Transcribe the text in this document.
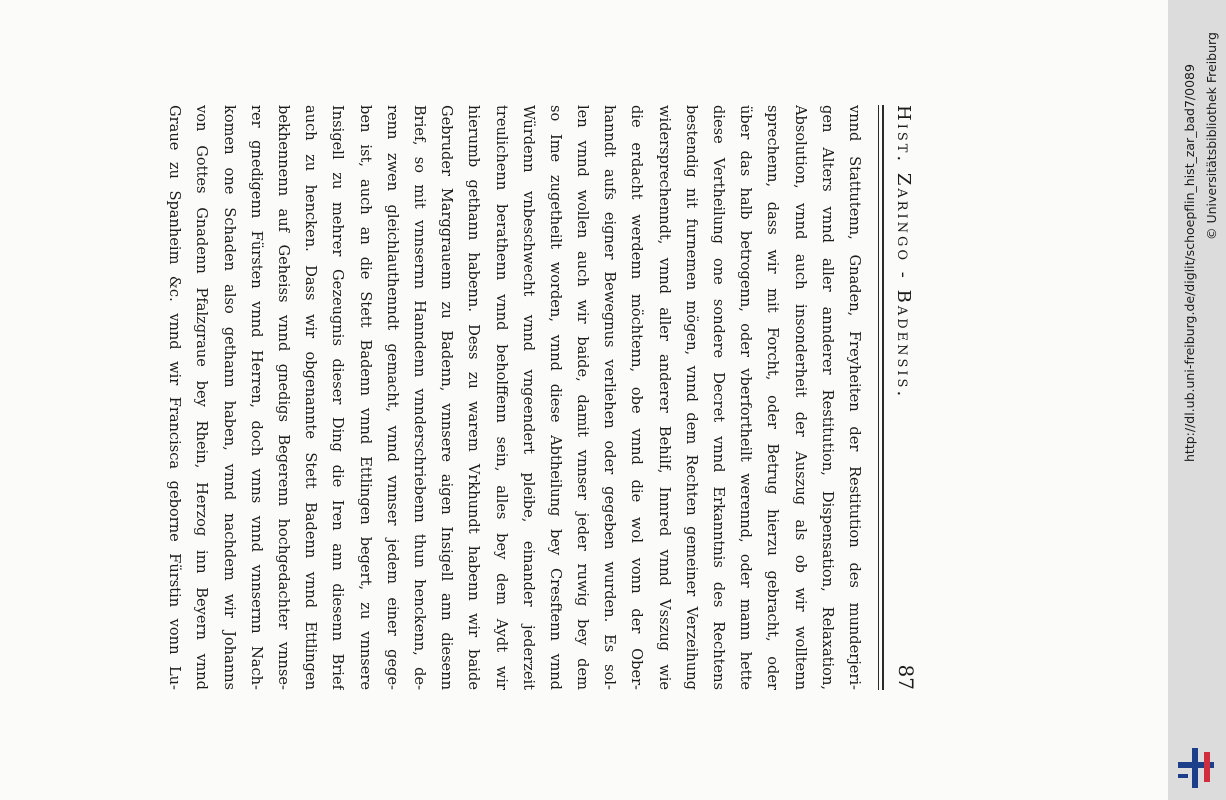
Hist. Zaringo - Badensis.
87
vnnd Stattutenn, Gnaden, Freyheiten der Restitution des munderjeri-
gen Alters vnnd aller annderer Restitution, Dispensation, Relaxation,
Absolution, vnnd auch insonderheit der Auszug als ob wir wolltenn
sprechenn, dass wir mit Forcht, oder Betrug hierzu gebracht, oder
über das halb betrogenn, oder vberfortheilt werennd, oder mann hette
diese Vertheilung one sondere Decret vnnd Erkanntnis des Rechtens
bestendig nit furnemen mögen, vnnd dem Rechten gemeiner Verzeihung
widersprechenndt, vnnd aller anderer Behilf, Innred vnnd Vsszug wie
die erdacht werdenn möchtenn, obe vnnd die wol vonn der Ober-
hanndt aufs eigner Bewegnus verliehen oder gegeben wurden. Es sol-
len vnnd wollen auch wir baide, damit vnnser jeder ruwig bey dem
so Ime zugetheilt worden, vnnd diese Abtheilung bey Cresftenn vnnd
Würdenn vnbeschwecht vnnd vngeendert pleibe, einander jederzeit
treulichenn berathenn vnnd beholffenn sein, alles bey dem Aydt wir
hierumb gethann habenn. Dess zu warem Vrkhundt habenn wir baide
Gebruder Marggrauenn zu Badenn, vnnsere aigen Insigell ann diesenn
Brief, so mit vnnsernn Hanndenn vnnderschriebenn thun henckenn, de-
renn zwen gleichlauthenndt gemacht, vnnd vnnser jedem einer gege-
ben ist, auch an die Stett Badenn vnnd Ettlingen begert, zu vnnsere
Insigell zu mehrer Gezeugnis dieser Ding die Iren ann diesenn Brief
auch zu hencken. Dass wir obgenannte Stett Badenn vnnd Ettlingen
bekhennenn auf Geheiss vnnd gnedigs Begerenn hochgedachter vnnse-
rer gnedigenn Fürsten vnnd Herren, doch vnns vnnd vnnsernn Nach-
komen one Schaden also gethann haben, vnnd nachdem wir Johanns
von Gottes Gnadenn Pfalzgraue bey Rhein, Herzog inn Beyern vnnd
Graue zu Spanheim &c. vnnd wir Francisca geborne Fürstin vonn Lu-	http://dl.ub.uni-freiburg.de/diglit/schoepflin_hist_zar_bad7/0089 © Universitätsbibliothek Freiburg
